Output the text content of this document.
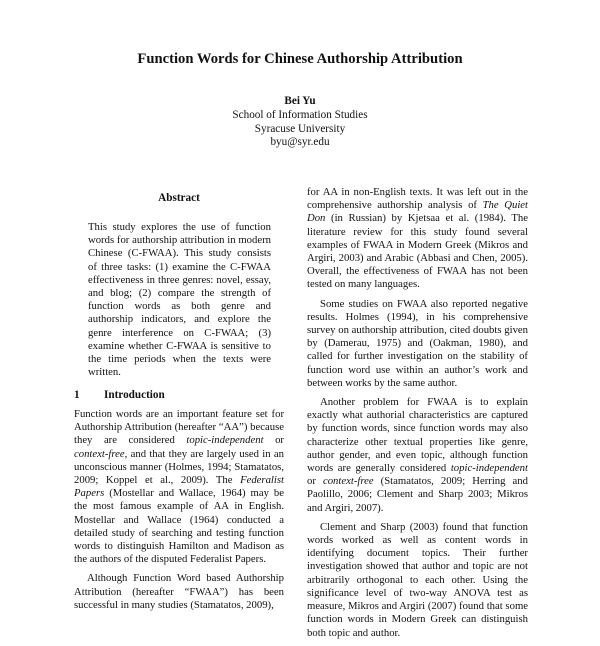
Function Words for Chinese Authorship Attribution
Bei Yu
School of Information Studies
Syracuse University
byu@syr.edu
Abstract

This study explores the use of function words for authorship attribution in modern Chinese (C-FWAA). This study consists of three tasks: (1) examine the C-FWAA effectiveness in three genres: novel, essay, and blog; (2) compare the strength of function words as both genre and authorship indicators, and explore the genre interference on C-FWAA; (3) examine whether C-FWAA is sensitive to the time periods when the texts were written.

1 Introduction

Function words are an important feature set for Authorship Attribution (hereafter “AA”) because they are considered topic-independent or context-free, and that they are largely used in an unconscious manner (Holmes, 1994; Stamatatos, 2009; Koppel et al., 2009). The Federalist Papers (Mostellar and Wallace, 1964) may be the most famous example of AA in English. Mostellar and Wallace (1964) conducted a detailed study of searching and testing function words to distinguish Hamilton and Madison as the authors of the disputed Federalist Papers.

Although Function Word based Authorship Attribution (hereafter “FWAA”) has been successful in many studies (Stamatatos, 2009),

for AA in non-English texts. It was left out in the comprehensive authorship analysis of The Quiet Don (in Russian) by Kjetsaa et al. (1984). The literature review for this study found several examples of FWAA in Modern Greek (Mikros and Argiri, 2003) and Arabic (Abbasi and Chen, 2005). Overall, the effectiveness of FWAA has not been tested on many languages.

Some studies on FWAA also reported negative results. Holmes (1994), in his comprehensive survey on authorship attribution, cited doubts given by (Damerau, 1975) and (Oakman, 1980), and called for further investigation on the stability of function word use within an author’s work and between works by the same author.

Another problem for FWAA is to explain exactly what authorial characteristics are captured by function words, since function words may also characterize other textual properties like genre, author gender, and even topic, although function words are generally considered topic-independent or context-free (Stamatatos, 2009; Herring and Paolillo, 2006; Clement and Sharp 2003; Mikros and Argiri, 2007).

Clement and Sharp (2003) found that function words worked as well as content words in identifying document topics. Their further investigation showed that author and topic are not arbitrarily orthogonal to each other. Using the significance level of two-way ANOVA test as measure, Mikros and Argiri (2007) found that some function words in Modern Greek can distinguish both topic and author.
